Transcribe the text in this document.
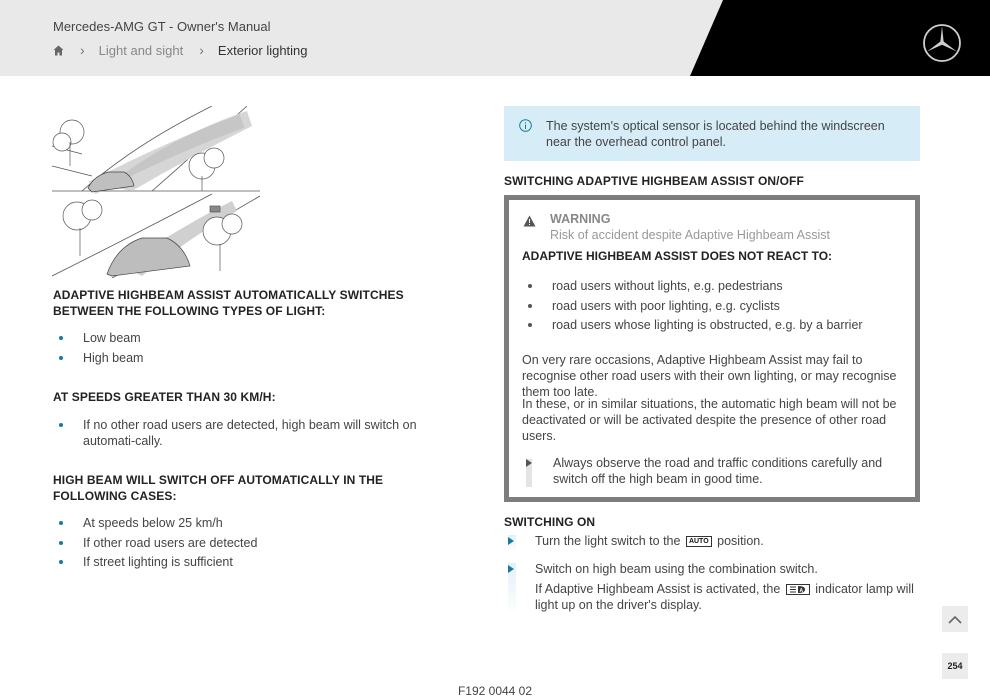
Mercedes-AMG GT - Owner's Manual
› Light and sight › Exterior lighting
ADAPTIVE HIGHBEAM ASSIST AUTOMATICALLY SWITCHES BETWEEN THE FOLLOWING TYPES OF LIGHT:
Low beam
High beam
AT SPEEDS GREATER THAN 30 KM/H:
If no other road users are detected, high beam will switch on automati-cally.
HIGH BEAM WILL SWITCH OFF AUTOMATICALLY IN THE FOLLOWING CASES:
At speeds below 25 km/h
If other road users are detected
If street lighting is sufficient
The system's optical sensor is located behind the windscreen near the overhead control panel.
SWITCHING ADAPTIVE HIGHBEAM ASSIST ON/OFF
WARNING
Risk of accident despite Adaptive Highbeam Assist
ADAPTIVE HIGHBEAM ASSIST DOES NOT REACT TO:
road users without lights, e.g. pedestrians
road users with poor lighting, e.g. cyclists
road users whose lighting is obstructed, e.g. by a barrier
On very rare occasions, Adaptive Highbeam Assist may fail to recognise other road users with their own lighting, or may recognise them too late.
In these, or in similar situations, the automatic high beam will not be deactivated or will be activated despite the presence of other road users.
Always observe the road and traffic conditions carefully and switch off the high beam in good time.
SWITCHING ON
Turn the light switch to the AUTO position.
Switch on high beam using the combination switch.
If Adaptive Highbeam Assist is activated, the	A indicator lamp will light up on the driver's display.
254
F192 0044 02
